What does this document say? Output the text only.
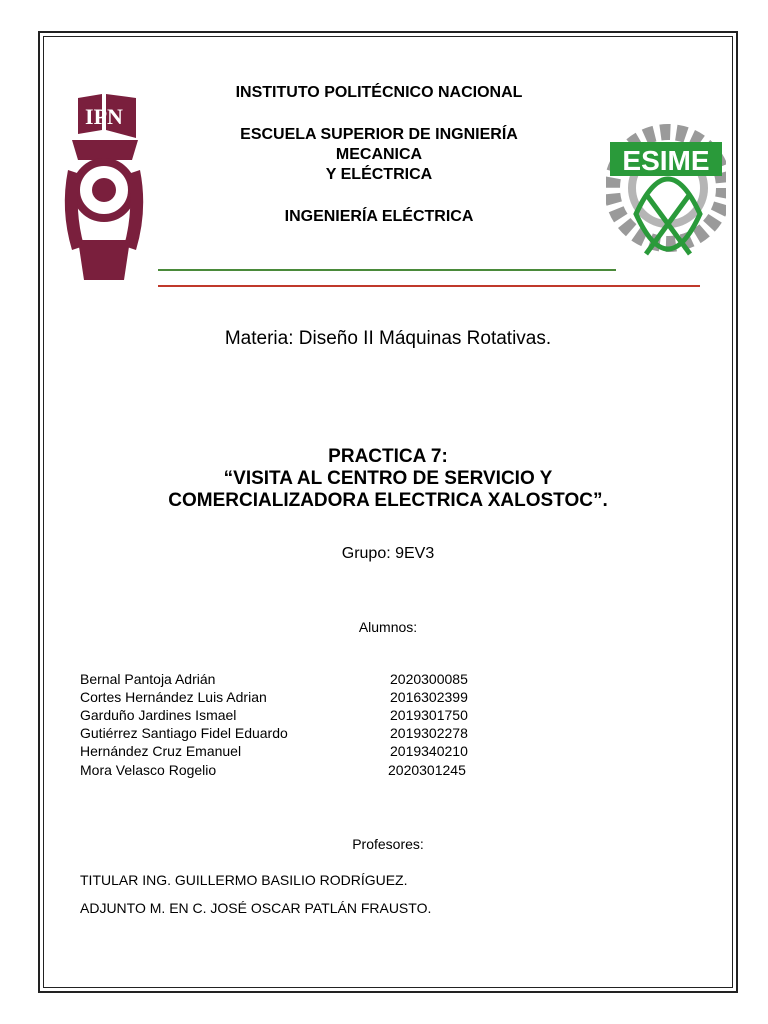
IPN
ESIME
INSTITUTO POLITÉCNICO NACIONAL
ESCUELA SUPERIOR DE INGNIERÍA
MECANICA
Y ELÉCTRICA
INGENIERÍA ELÉCTRICA
Materia: Diseño II Máquinas Rotativas.
PRACTICA 7:
“VISITA AL CENTRO DE SERVICIO Y
COMERCIALIZADORA ELECTRICA XALOSTOC”.
Grupo: 9EV3
Alumnos:
Bernal Pantoja Adrián	2020300085
Cortes Hernández Luis Adrian	2016302399
Garduño Jardines Ismael	2019301750
Gutiérrez Santiago Fidel Eduardo	2019302278
Hernández Cruz Emanuel	2019340210
Mora Velasco Rogelio	2020301245
Profesores:
TITULAR ING. GUILLERMO BASILIO RODRÍGUEZ.
ADJUNTO M. EN C. JOSÉ OSCAR PATLÁN FRAUSTO.
